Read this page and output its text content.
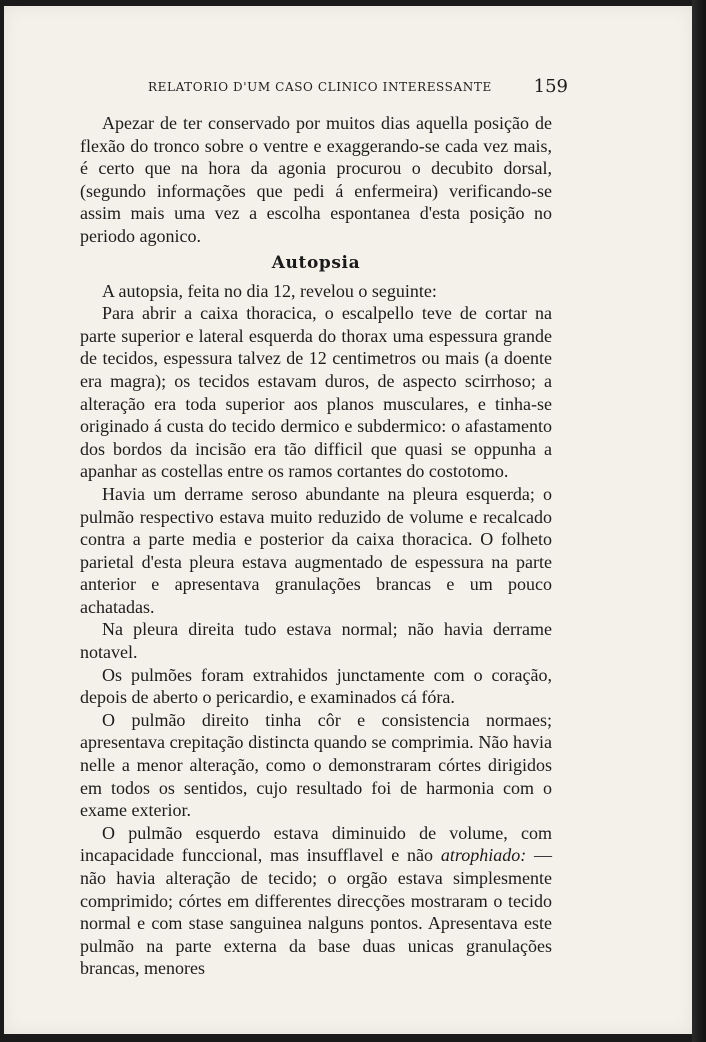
RELATORIO D'UM CASO CLINICO INTERESSANTE 159

Apezar de ter conservado por muitos dias aquella posição de flexão do tronco sobre o ventre e exaggerando-se cada vez mais, é certo que na hora da agonia procurou o decubito dorsal, (segundo informações que pedi á enfermeira) verificando-se assim mais uma vez a escolha espontanea d'esta posição no periodo agonico.

Autopsia

A autopsia, feita no dia 12, revelou o seguinte:

Para abrir a caixa thoracica, o escalpello teve de cortar na parte superior e lateral esquerda do thorax uma espessura grande de tecidos, espessura talvez de 12 centimetros ou mais (a doente era magra); os tecidos estavam duros, de aspecto scirrhoso; a alteração era toda superior aos planos musculares, e tinha-se originado á custa do tecido dermico e subdermico: o afastamento dos bordos da incisão era tão difficil que quasi se oppunha a apanhar as costellas entre os ramos cortantes do costotomo.

Havia um derrame seroso abundante na pleura esquerda; o pulmão respectivo estava muito reduzido de volume e recalcado contra a parte media e posterior da caixa thoracica. O folheto parietal d'esta pleura estava augmentado de espessura na parte anterior e apresentava granulações brancas e um pouco achatadas.

Na pleura direita tudo estava normal; não havia derrame notavel.

Os pulmões foram extrahidos junctamente com o coração, depois de aberto o pericardio, e examinados cá fóra.

O pulmão direito tinha côr e consistencia normaes; apresentava crepitação distincta quando se comprimia. Não havia nelle a menor alteração, como o demonstraram córtes dirigidos em todos os sentidos, cujo resultado foi de harmonia com o exame exterior.

O pulmão esquerdo estava diminuido de volume, com incapacidade funccional, mas insufflavel e não atrophiado: — não havia alteração de tecido; o orgão estava simplesmente comprimido; córtes em differentes direcções mostraram o tecido normal e com stase sanguinea nalguns pontos. Apresentava este pulmão na parte externa da base duas unicas granulações brancas, menores
